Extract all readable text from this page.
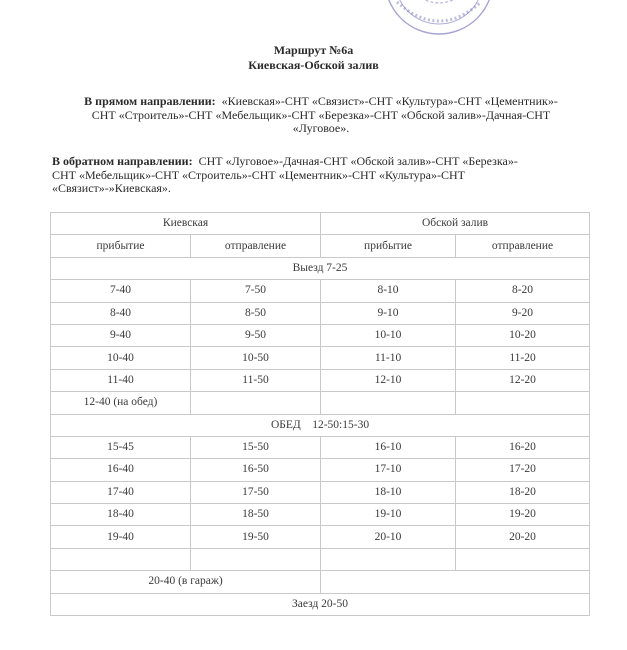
Маршрут №6а
Киевская-Обской залив
В прямом направлении: «Киевская»-СНТ «Связист»-СНТ «Культура»-СНТ «Цементник»-
СНТ «Строитель»-СНТ «Мебельщик»-СНТ «Березка»-СНТ «Обской залив»-Дачная-СНТ
«Луговое».
В обратном направлении: СНТ «Луговое»-Дачная-СНТ «Обской залив»-СНТ «Березка»-
СНТ «Мебельщик»-СНТ «Строитель»-СНТ «Цементник»-СНТ «Культура»-СНТ
«Связист»-»Киевская».
Киевская		Обской залив	
прибытие	отправление	прибытие	отправление
Выезд 7-25			
7-40	7-50	8-10	8-20
8-40	8-50	9-10	9-20
9-40	9-50	10-10	10-20
10-40	10-50	11-10	11-20
11-40	11-50	12-10	12-20
12-40 (на обед)			
ОБЕД 12-50:15-30			
15-45	15-50	16-10	16-20
16-40	16-50	17-10	17-20
17-40	17-50	18-10	18-20
18-40	18-50	19-10	19-20
19-40	19-50	20-10	20-20

20-40 (в гараж)			
Заезд 20-50			
